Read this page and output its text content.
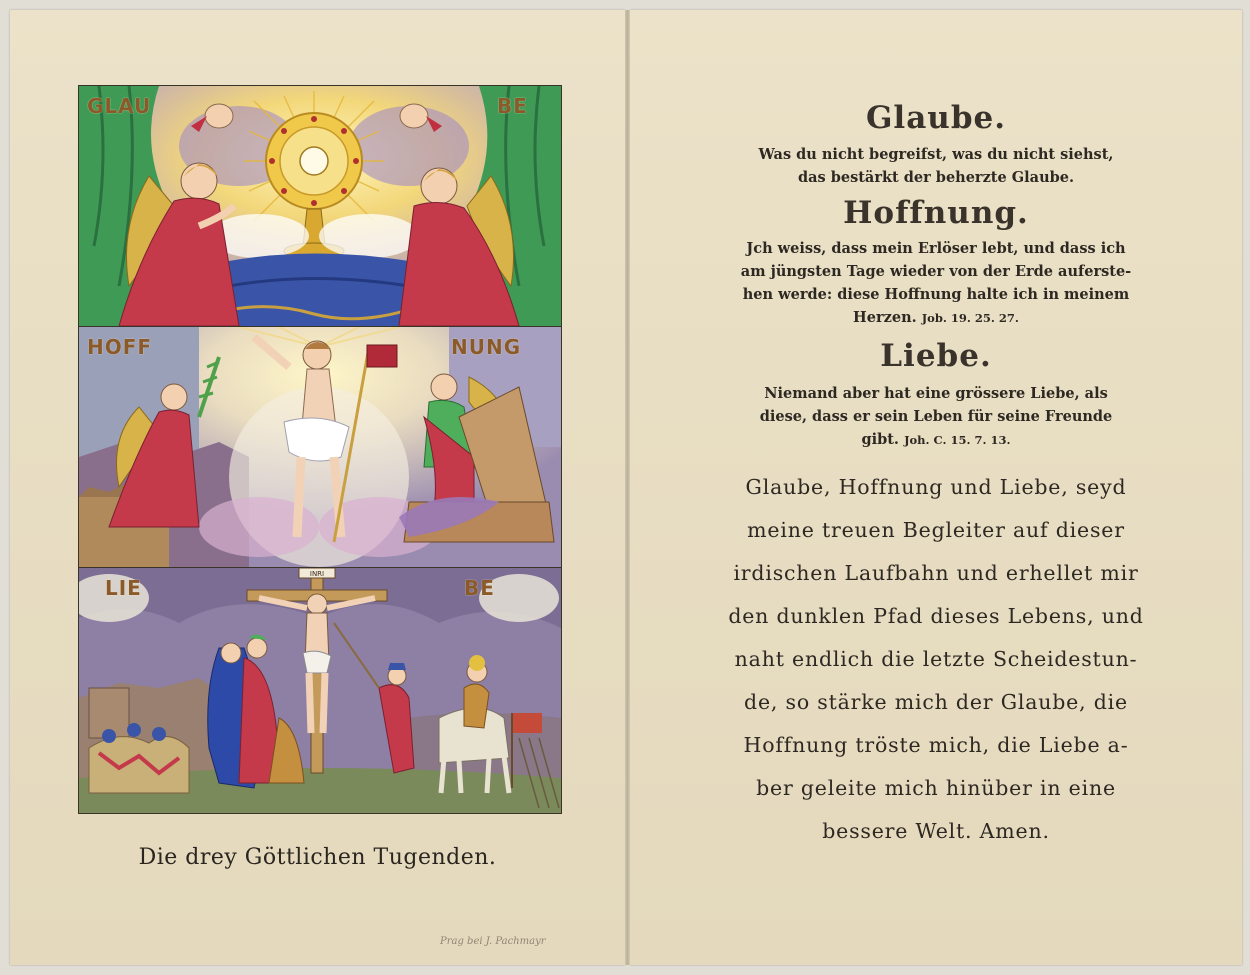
GLAU	BE
HOFF	NUNG
INRI
LIE	BE
Die drey Göttlichen Tugenden.
Prag bei J. Pachmayr
Glaube.
Was du nicht begreifst, was du nicht siehst,
das bestärkt der beherzte Glaube.
Hoffnung.
Jch weiss, dass mein Erlöser lebt, und dass ich
am jüngsten Tage wieder von der Erde auferste-
hen werde: diese Hoffnung halte ich in meinem
Herzen. Job. 19. 25. 27.
Liebe.
Niemand aber hat eine grössere Liebe, als
diese, dass er sein Leben für seine Freunde
gibt. Joh. C. 15. 7. 13.
Glaube, Hoffnung und Liebe, seyd
meine treuen Begleiter auf dieser
irdischen Laufbahn und erhellet mir
den dunklen Pfad dieses Lebens, und
naht endlich die letzte Scheidestun-
de, so stärke mich der Glaube, die
Hoffnung tröste mich, die Liebe a-
ber geleite mich hinüber in eine
bessere Welt. Amen.
